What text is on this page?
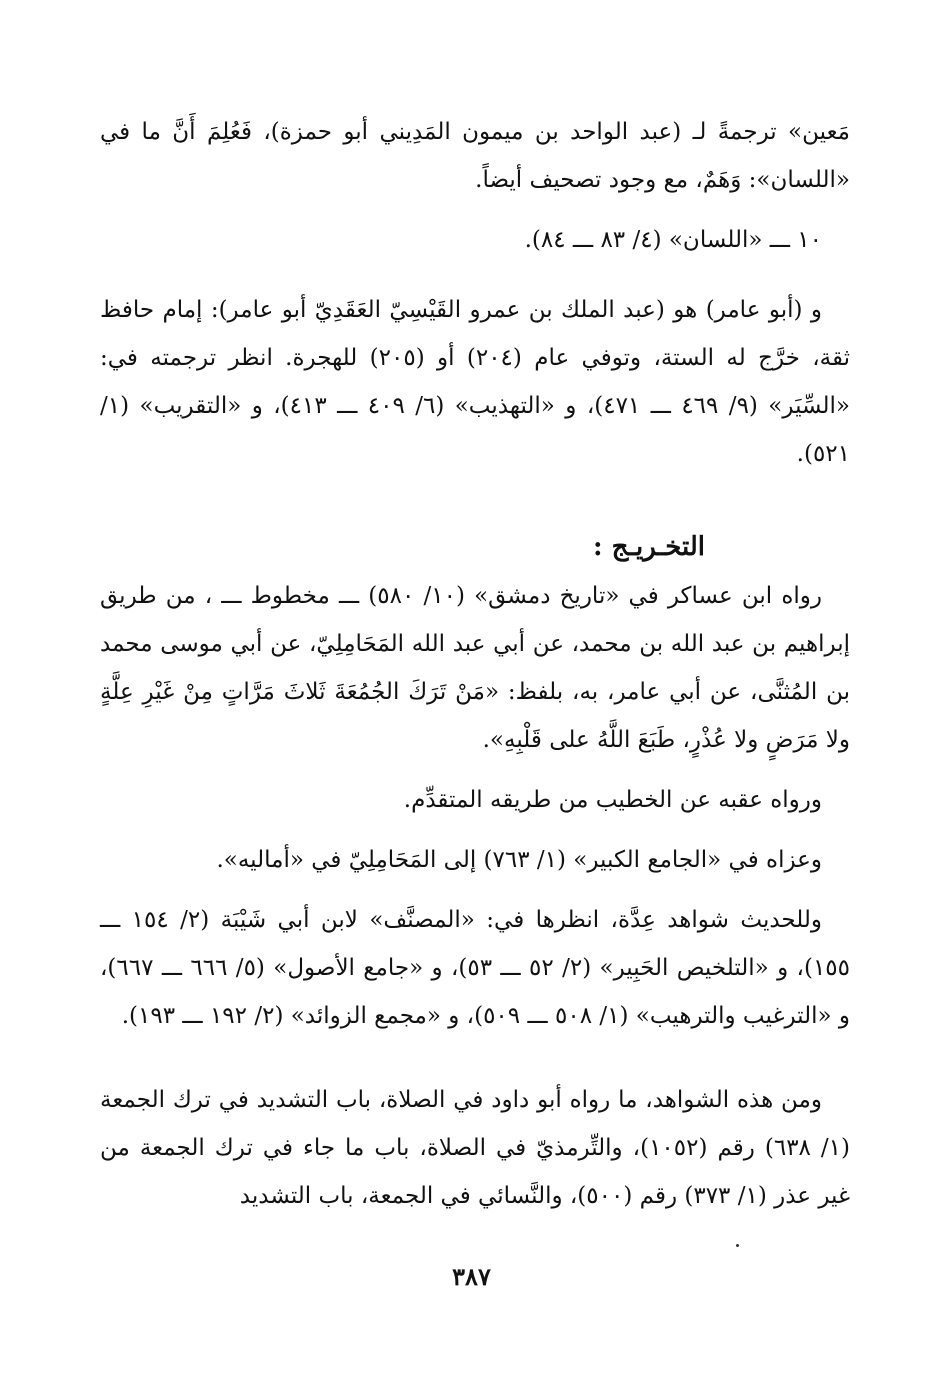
مَعين» ترجمةً لـ (عبد الواحد بن ميمون المَدِيني أبو حمزة)، فَعُلِمَ أَنَّ ما في «اللسان»: وَهَمٌ، مع وجود تصحيف أيضاً.

١٠ ـــ «اللسان» (٤/ ٨٣ ـــ ٨٤).

و (أبو عامر) هو (عبد الملك بن عمرو القَيْسِيّ العَقَدِيّ أبو عامر): إمام حافظ ثقة، خرَّج له الستة، وتوفي عام (٢٠٤) أو (٢٠٥) للهجرة. انظر ترجمته في: «السِّيَر» (٩/ ٤٦٩ ـــ ٤٧١)، و «التهذيب» (٦/ ٤٠٩ ـــ ٤١٣)، و «التقريب» (١/ ٥٢١).

التخـريـج :

رواه ابن عساكر في «تاريخ دمشق» (١٠/ ٥٨٠) ـــ مخطوط ـــ ، من طريق إبراهيم بن عبد الله بن محمد، عن أبي عبد الله المَحَامِلِيّ، عن أبي موسى محمد بن المُثنَّى، عن أبي عامر، به، بلفظ: «مَنْ تَرَكَ الجُمُعَةَ ثَلاثَ مَرَّاتٍ مِنْ غَيْرِ عِلَّةٍ ولا مَرَضٍ ولا عُذْرٍ، طَبَعَ اللَّهُ على قَلْبِهِ».

ورواه عقبه عن الخطيب من طريقه المتقدِّم.

وعزاه في «الجامع الكبير» (١/ ٧٦٣) إلى المَحَامِلِيّ في «أماليه».

وللحديث شواهد عِدَّة، انظرها في: «المصنَّف» لابن أبي شَيْبَة (٢/ ١٥٤ ـــ ١٥٥)، و «التلخيص الحَبِير» (٢/ ٥٢ ـــ ٥٣)، و «جامع الأصول» (٥/ ٦٦٦ ـــ ٦٦٧)، و «الترغيب والترهيب» (١/ ٥٠٨ ـــ ٥٠٩)، و «مجمع الزوائد» (٢/ ١٩٢ ـــ ١٩٣).

ومن هذه الشواهد، ما رواه أبو داود في الصلاة، باب التشديد في ترك الجمعة (١/ ٦٣٨) رقم (١٠٥٢)، والتِّرمذيّ في الصلاة، باب ما جاء في ترك الجمعة من غير عذر (١/ ٣٧٣) رقم (٥٠٠)، والنَّسائي في الجمعة، باب التشديد

٣٨٧
